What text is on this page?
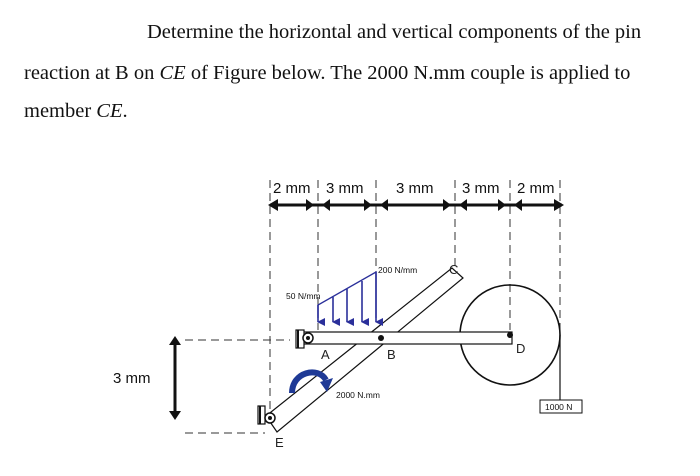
Determine the horizontal and vertical components of the pin
reaction at B on CE of Figure below. The 2000 N.mm couple is applied to
member CE.
2 mm 3 mm 3 mm 3 mm 2 mm
3 mm
1000 N
50 N/mm
200 N/mm
2000 N.mm
A	B
C
D
E
